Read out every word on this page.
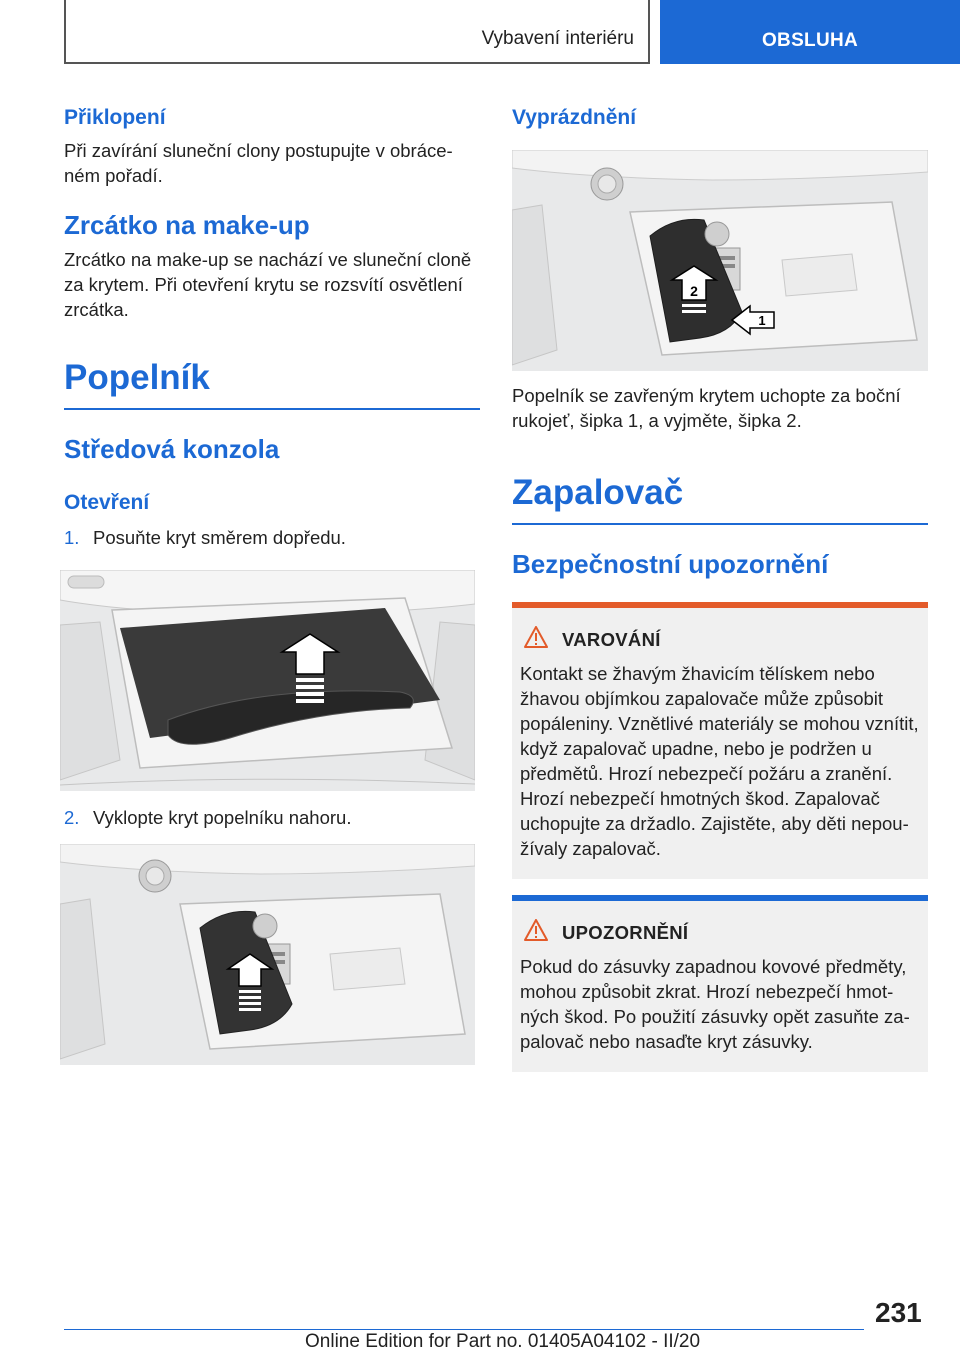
Vybavení interiéru	OBSLUHA
Přiklopení
Při zavírání sluneční clony postupujte v obráceném pořadí.
Zrcátko na make-up
Zrcátko na make-up se nachází ve sluneční cloně za krytem. Při otevření krytu se rozsvítí osvětlení zrcátka.
Popelník
Středová konzola
Otevření
1. Posuňte kryt směrem dopředu.
2. Vyklopte kryt popelníku nahoru.
Vyprázdnění
2
1
Popelník se zavřeným krytem uchopte za boční rukojeť, šipka 1, a vyjměte, šipka 2.
Zapalovač
Bezpečnostní upozornění
VAROVÁNÍ
Kontakt se žhavým žhavicím tělískem nebo žhavou objímkou zapalovače může způsobit popáleniny. Vznětlivé materiály se mohou vznítit, když zapalovač upadne, nebo je podržen u předmětů. Hrozí nebezpečí požáru a zranění. Hrozí nebezpečí hmotných škod. Zapalovač uchopujte za držadlo. Zajistěte, aby děti nepoužívaly zapalovač.
UPOZORNĚNÍ
Pokud do zásuvky zapadnou kovové předměty, mohou způsobit zkrat. Hrozí nebezpečí hmotných škod. Po použití zásuvky opět zasuňte zapalovač nebo nasaďte kryt zásuvky.
231
Online Edition for Part no. 01405A04102 - II/20
